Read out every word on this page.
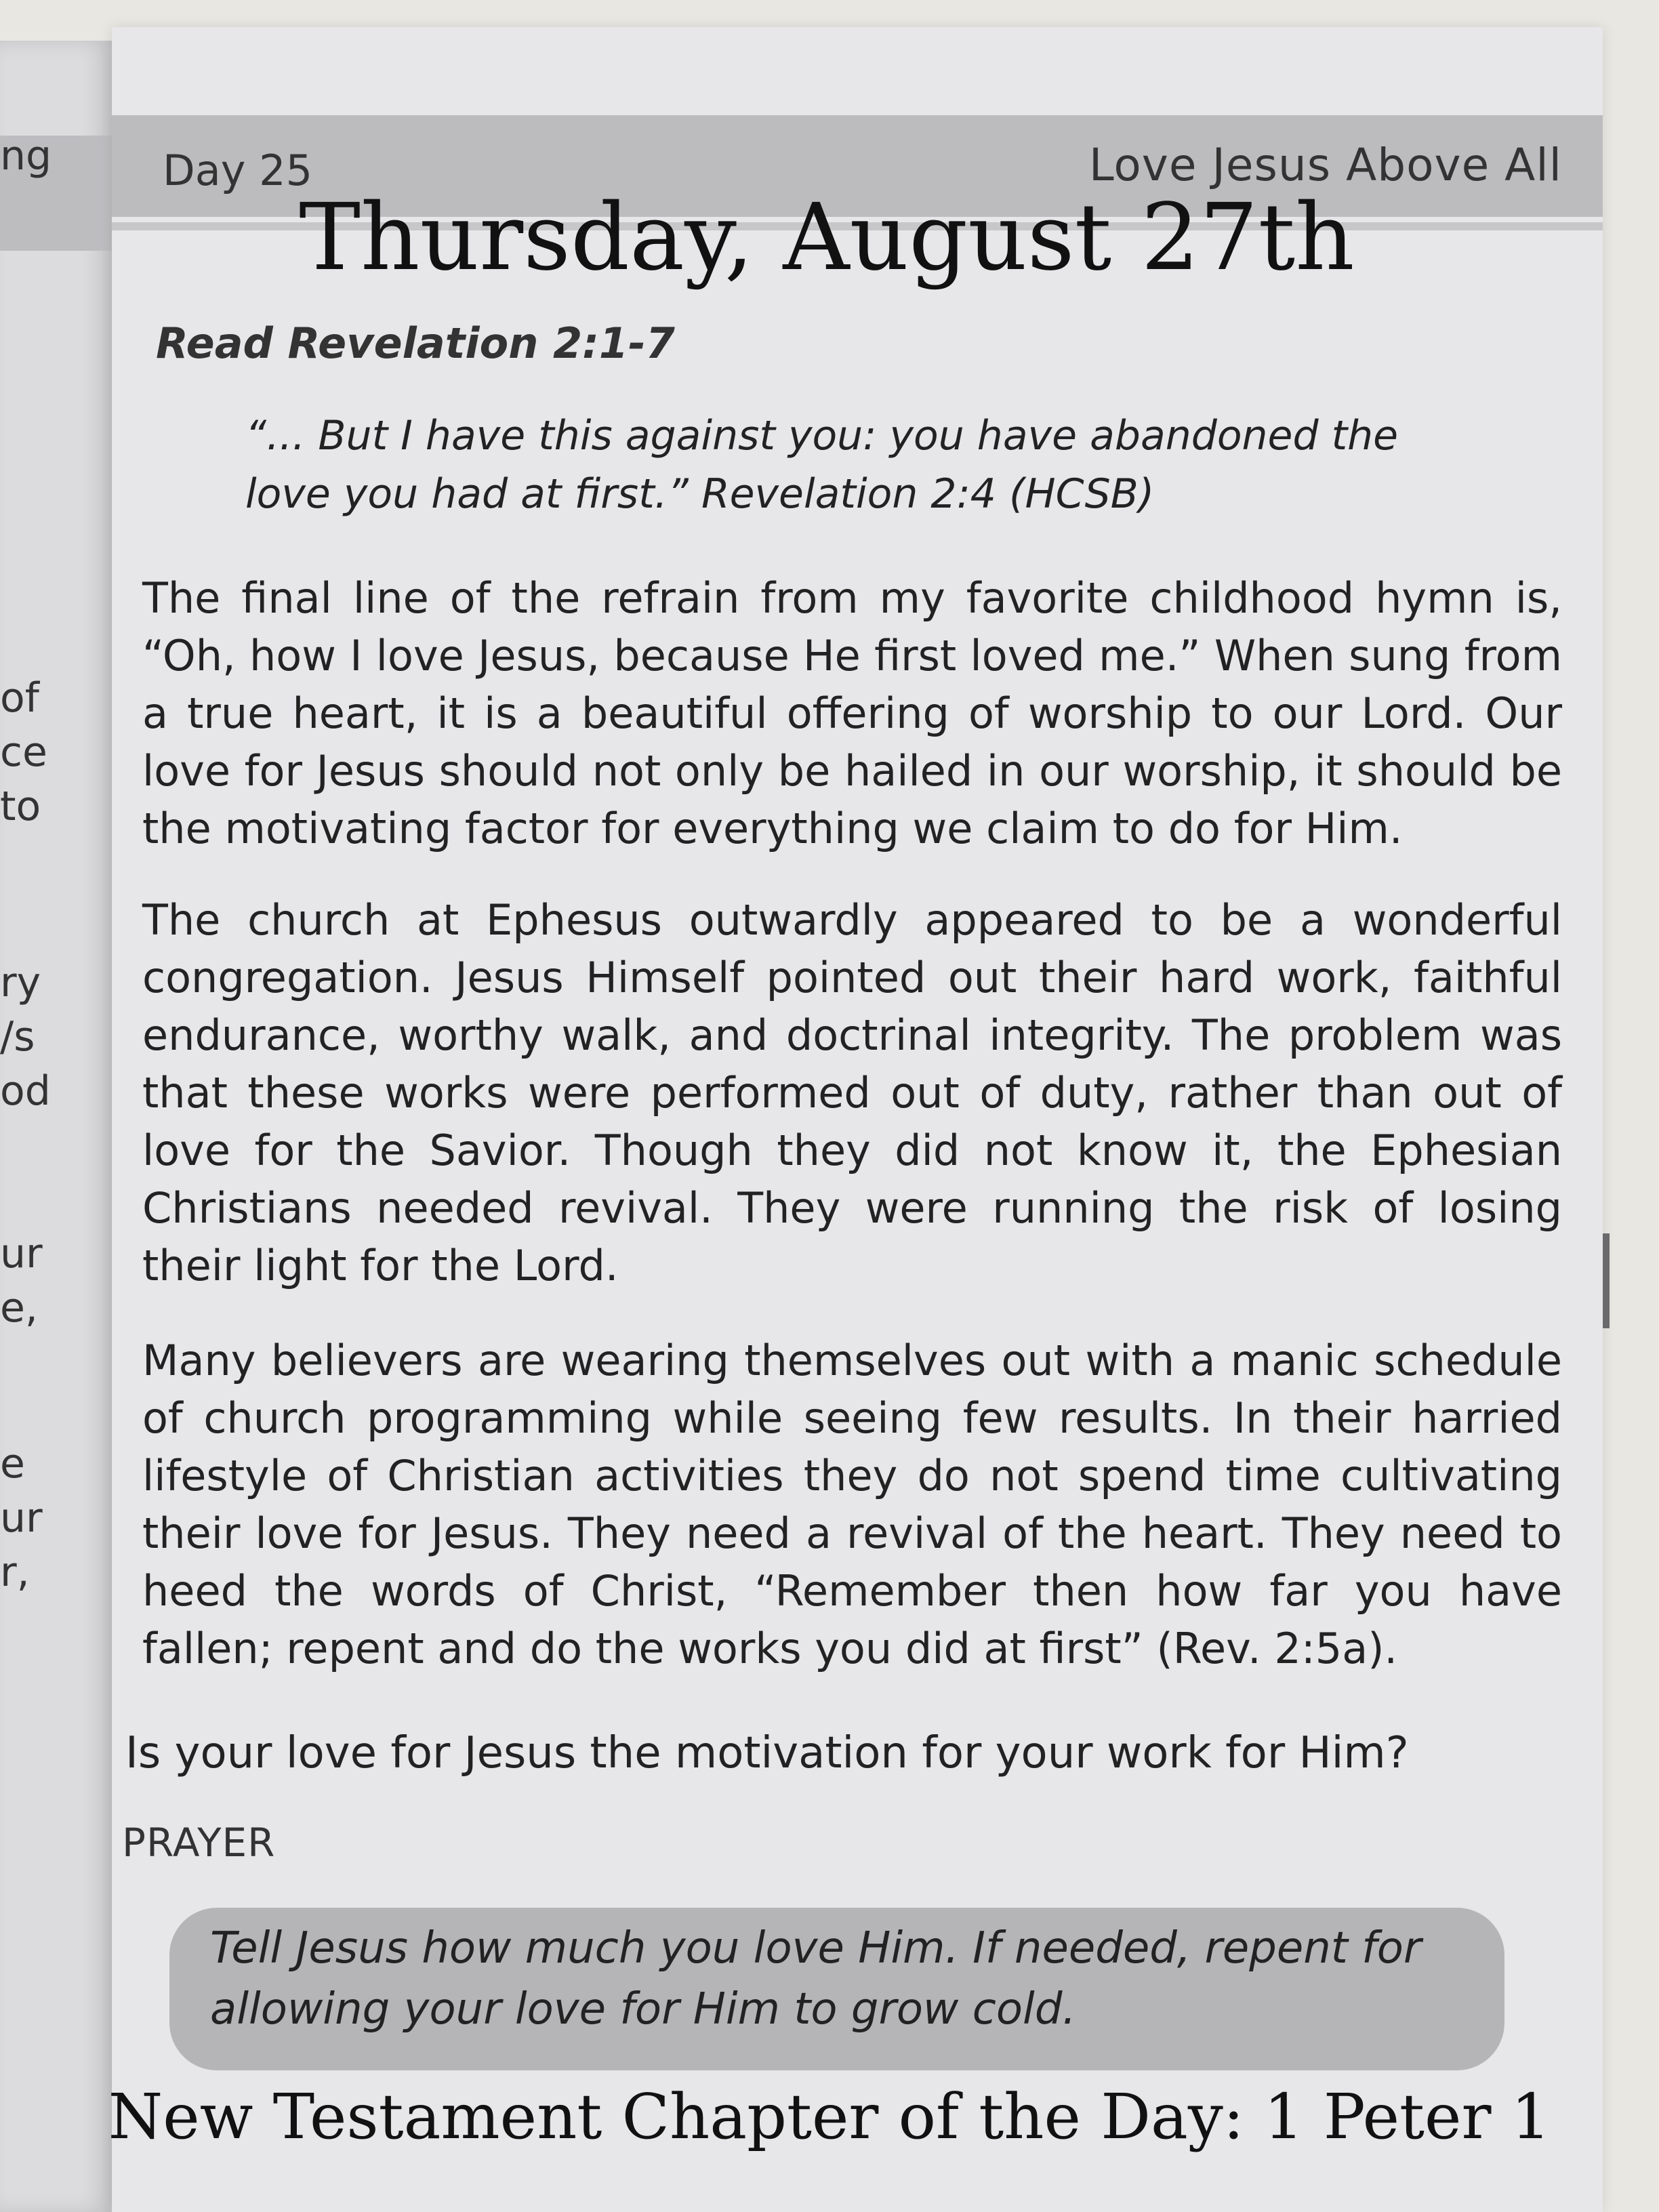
ng
of
ce
to
ry
/s
od
ur
e,
e
ur
r,
Day 25	Love Jesus Above All
Thursday, August 27th
Read Revelation 2:1-7
“... But I have this against you: you have abandoned the
love you had at first.” Revelation 2:4 (HCSB)
The final line of the refrain from my favorite childhood hymn is, “Oh, how I love Jesus, because He first loved me.” When sung from a true heart, it is a beautiful offering of worship to our Lord. Our love for Jesus should not only be hailed in our worship, it should be the motivating factor for everything we claim to do for Him.
The church at Ephesus outwardly appeared to be a wonderful congregation. Jesus Himself pointed out their hard work, faithful endurance, worthy walk, and doctrinal integrity. The problem was that these works were performed out of duty, rather than out of love for the Savior. Though they did not know it, the Ephesian Christians needed revival. They were running the risk of losing their light for the Lord.
Many believers are wearing themselves out with a manic schedule of church programming while seeing few results. In their harried lifestyle of Christian activities they do not spend time cultivating their love for Jesus. They need a revival of the heart. They need to heed the words of Christ, “Remember then how far you have fallen; repent and do the works you did at first” (Rev. 2:5a).
Is your love for Jesus the motivation for your work for Him?
PRAYER
Tell Jesus how much you love Him. If needed, repent for allowing your love for Him to grow cold.
New Testament Chapter of the Day: 1 Peter 1
